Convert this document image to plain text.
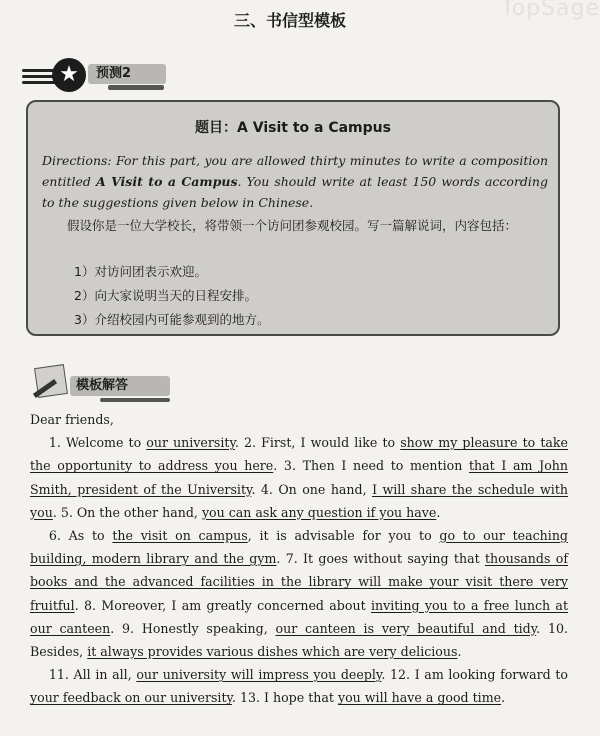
TopSage
三、书信型模板
★	预测2
题目：A Visit to a Campus
Directions: For this part, you are allowed thirty minutes to write a composition entitled A Visit to a Campus. You should write at least 150 words according to the suggestions given below in Chinese.
假设你是一位大学校长，将带领一个访问团参观校园。写一篇解说词，内容包括：
1）对访问团表示欢迎。
2）向大家说明当天的日程安排。
3）介绍校园内可能参观到的地方。
模板解答

Dear friends,

1. Welcome to our university. 2. First, I would like to show my pleasure to take the opportunity to address you here. 3. Then I need to mention that I am John Smith, president of the University. 4. On one hand, I will share the schedule with you. 5. On the other hand, you can ask any question if you have.

6. As to the visit on campus, it is advisable for you to go to our teaching building, modern library and the gym. 7. It goes without saying that thousands of books and the advanced facilities in the library will make your visit there very fruitful. 8. Moreover, I am greatly concerned about inviting you to a free lunch at our canteen. 9. Honestly speaking, our canteen is very beautiful and tidy. 10. Besides, it always provides various dishes which are very delicious.

11. All in all, our university will impress you deeply. 12. I am looking forward to your feedback on our university. 13. I hope that you will have a good time.
